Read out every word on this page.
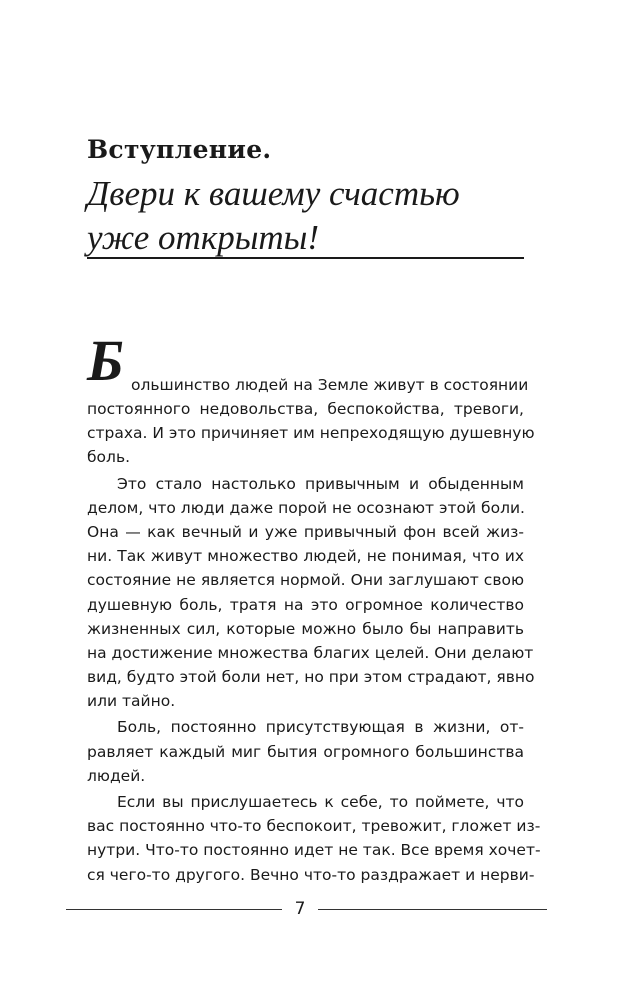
Вступление.
Двери к вашему счастью
уже открыты!
Б ольшинство людей на Земле живут в состоянии
постоянного недовольства, беспокойства, тревоги,
страха. И это причиняет им непреходящую душевную
боль.
Это стало настолько привычным и обыденным
делом, что люди даже порой не осознают этой боли.
Она — как вечный и уже привычный фон всей жиз-
ни. Так живут множество людей, не понимая, что их
состояние не является нормой. Они заглушают свою
душевную боль, тратя на это огромное количество
жизненных сил, которые можно было бы направить
на достижение множества благих целей. Они делают
вид, будто этой боли нет, но при этом страдают, явно
или тайно.
Боль, постоянно присутствующая в жизни, от-
равляет каждый миг бытия огромного большинства
людей.
Если вы прислушаетесь к себе, то поймете, что
вас постоянно что-то беспокоит, тревожит, гложет из-
нутри. Что-то постоянно идет не так. Все время хочет-
ся чего-то другого. Вечно что-то раздражает и нерви-
7
